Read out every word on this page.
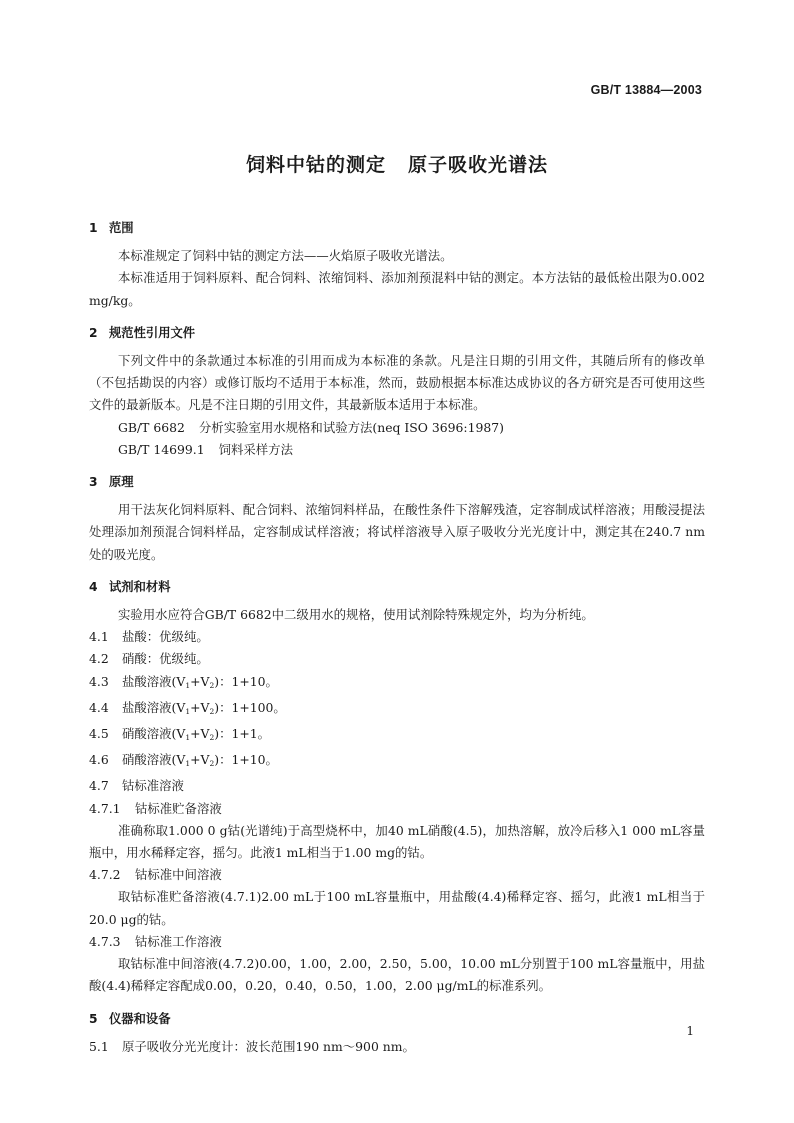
GB/T 13884—2003
饲料中钴的测定 原子吸收光谱法
1 范围

本标准规定了饲料中钴的测定方法——火焰原子吸收光谱法。

本标准适用于饲料原料、配合饲料、浓缩饲料、添加剂预混料中钴的测定。本方法钴的最低检出限为0.002 mg/kg。

2 规范性引用文件

下列文件中的条款通过本标准的引用而成为本标准的条款。凡是注日期的引用文件，其随后所有的修改单（不包括勘误的内容）或修订版均不适用于本标准，然而，鼓励根据本标准达成协议的各方研究是否可使用这些文件的最新版本。凡是不注日期的引用文件，其最新版本适用于本标准。

GB/T 6682 分析实验室用水规格和试验方法(neq ISO 3696:1987)

GB/T 14699.1 饲料采样方法

3 原理

用干法灰化饲料原料、配合饲料、浓缩饲料样品，在酸性条件下溶解残渣，定容制成试样溶液；用酸浸提法处理添加剂预混合饲料样品，定容制成试样溶液；将试样溶液导入原子吸收分光光度计中，测定其在240.7 nm处的吸光度。

4 试剂和材料

实验用水应符合GB/T 6682中二级用水的规格，使用试剂除特殊规定外，均为分析纯。

4.1 盐酸：优级纯。

4.2 硝酸：优级纯。

4.3 盐酸溶液$(V_1+V_2)$：1+10。

4.4 盐酸溶液$(V_1+V_2)$：1+100。

4.5 硝酸溶液$(V_1+V_2)$：1+1。

4.6 硝酸溶液$(V_1+V_2)$：1+10。

4.7 钴标准溶液

4.7.1 钴标准贮备溶液

准确称取1.000 0 g钴(光谱纯)于高型烧杯中，加40 mL硝酸(4.5)，加热溶解，放冷后移入1 000 mL容量瓶中，用水稀释定容，摇匀。此液1 mL相当于1.00 mg的钴。

4.7.2 钴标准中间溶液

取钴标准贮备溶液(4.7.1)2.00 mL于100 mL容量瓶中，用盐酸(4.4)稀释定容、摇匀，此液1 mL相当于20.0 μg的钴。

4.7.3 钴标准工作溶液

取钴标准中间溶液(4.7.2)0.00，1.00，2.00，2.50，5.00，10.00 mL分别置于100 mL容量瓶中，用盐酸(4.4)稀释定容配成0.00，0.20，0.40，0.50，1.00，2.00 μg/mL的标准系列。

5 仪器和设备

5.1 原子吸收分光光度计：波长范围190 nm～900 nm。

1
